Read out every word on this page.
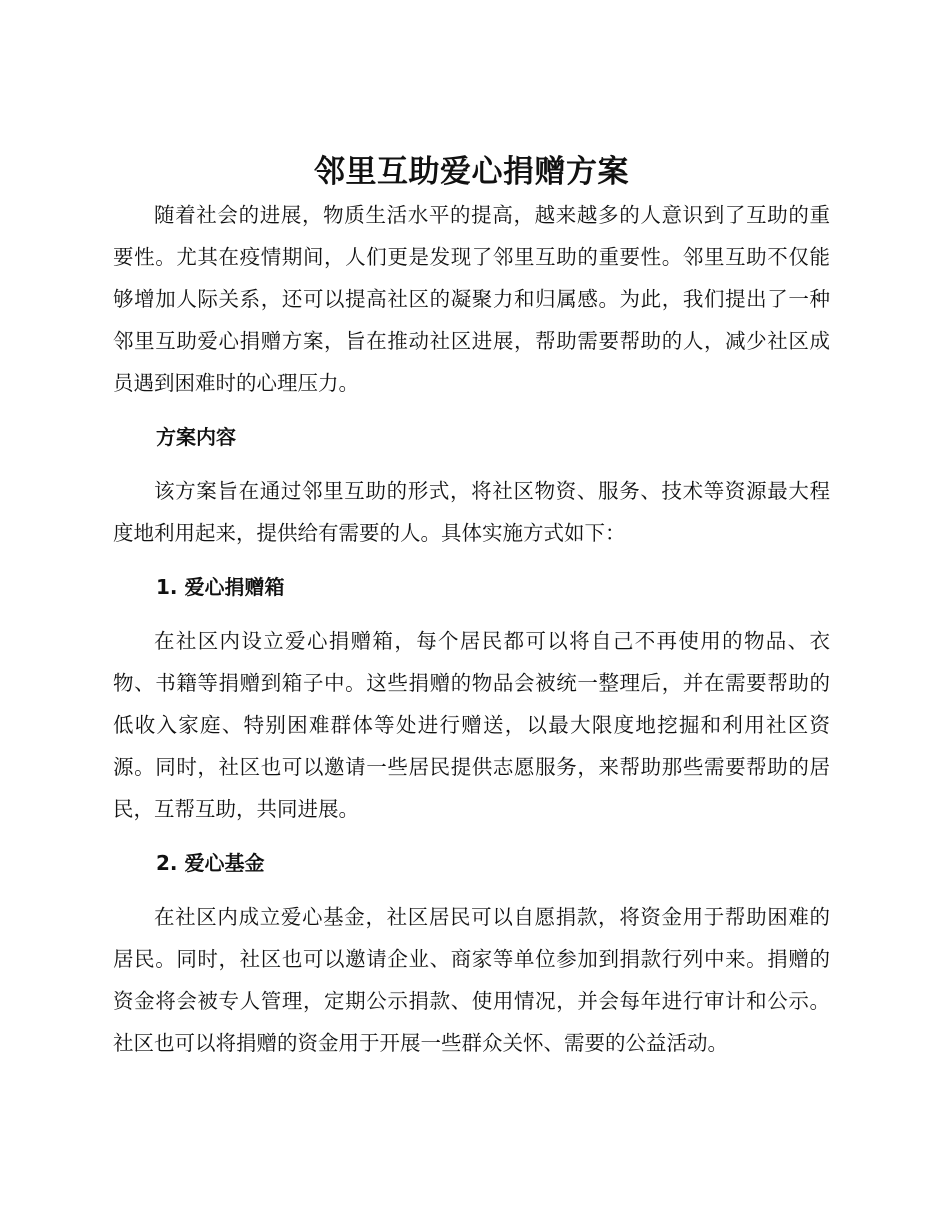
邻里互助爱心捐赠方案

随着社会的进展，物质生活水平的提高，越来越多的人意识到了互助的重要性。尤其在疫情期间，人们更是发现了邻里互助的重要性。邻里互助不仅能够增加人际关系，还可以提高社区的凝聚力和归属感。为此，我们提出了一种邻里互助爱心捐赠方案，旨在推动社区进展，帮助需要帮助的人，减少社区成员遇到困难时的心理压力。

方案内容

该方案旨在通过邻里互助的形式，将社区物资、服务、技术等资源最大程度地利用起来，提供给有需要的人。具体实施方式如下：

1. 爱心捐赠箱

在社区内设立爱心捐赠箱，每个居民都可以将自己不再使用的物品、衣物、书籍等捐赠到箱子中。这些捐赠的物品会被统一整理后，并在需要帮助的低收入家庭、特别困难群体等处进行赠送，以最大限度地挖掘和利用社区资源。同时，社区也可以邀请一些居民提供志愿服务，来帮助那些需要帮助的居民，互帮互助，共同进展。

2. 爱心基金

在社区内成立爱心基金，社区居民可以自愿捐款，将资金用于帮助困难的居民。同时，社区也可以邀请企业、商家等单位参加到捐款行列中来。捐赠的资金将会被专人管理，定期公示捐款、使用情况，并会每年进行审计和公示。社区也可以将捐赠的资金用于开展一些群众关怀、需要的公益活动。
